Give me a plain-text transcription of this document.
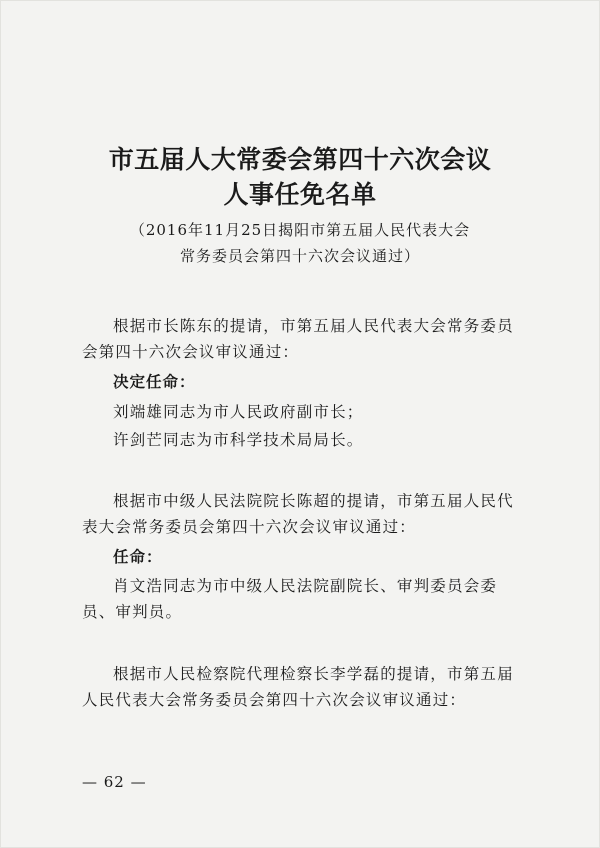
市五届人大常委会第四十六次会议
人事任免名单
（2016年11月25日揭阳市第五届人民代表大会
常务委员会第四十六次会议通过）

根据市长陈东的提请，市第五届人民代表大会常务委员会第四十六次会议审议通过：

决定任命：
刘端雄同志为市人民政府副市长；
许剑芒同志为市科学技术局局长。

根据市中级人民法院院长陈超的提请，市第五届人民代表大会常务委员会第四十六次会议审议通过：

任命：

肖文浩同志为市中级人民法院副院长、审判委员会委员、审判员。

根据市人民检察院代理检察长李学磊的提请，市第五届人民代表大会常务委员会第四十六次会议审议通过：

— 62 —
